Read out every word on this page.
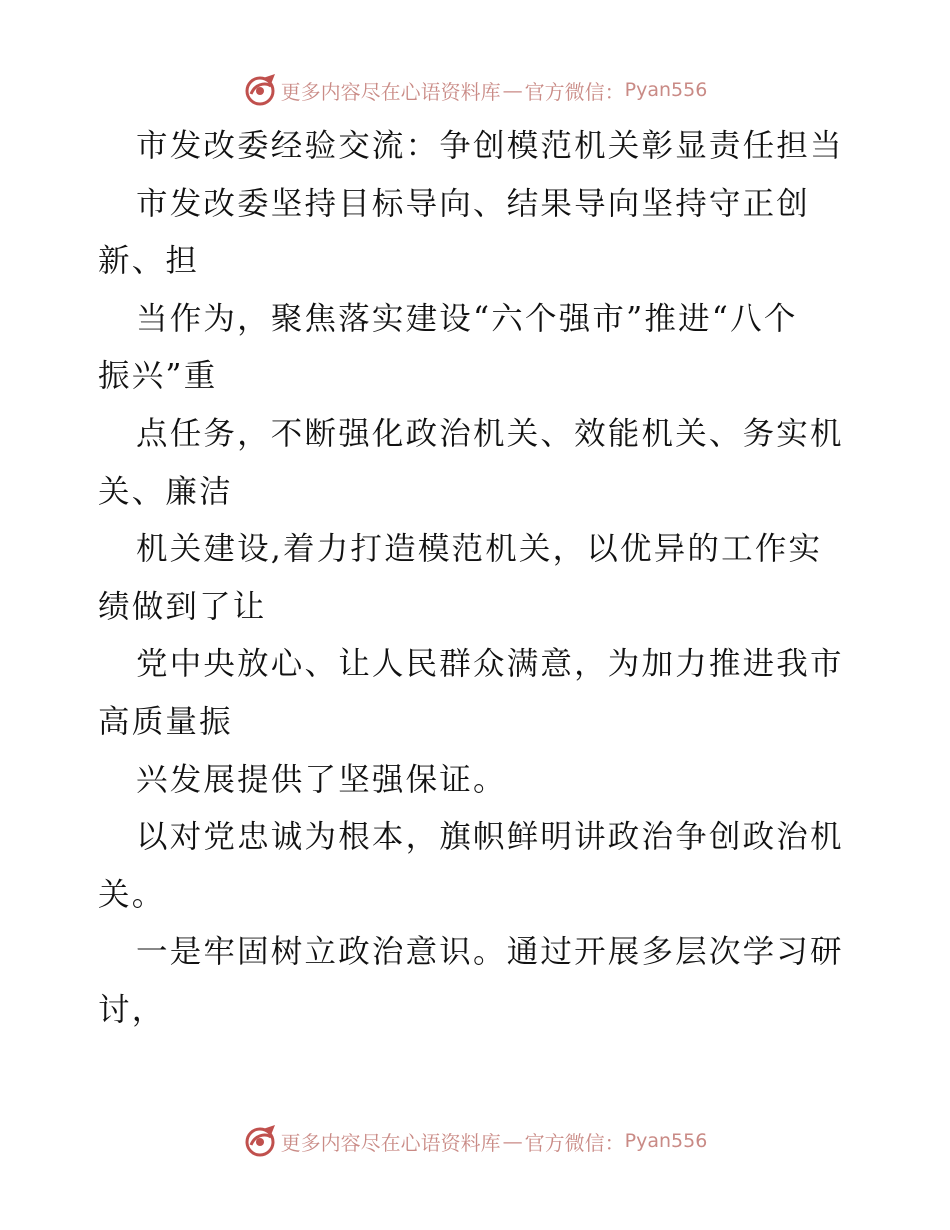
更多内容尽在心语资料库 — 官方微信： Pyan556
市发改委经验交流：争创模范机关彰显责任担当
市发改委坚持目标导向、结果导向坚持守正创
新、担
当作为，聚焦落实建设“六个强市”推进“八个
振兴”重
点任务，不断强化政治机关、效能机关、务实机
关、廉洁
机关建设,着力打造模范机关，以优异的工作实
绩做到了让
党中央放心、让人民群众满意，为加力推进我市
高质量振
兴发展提供了坚强保证。
以对党忠诚为根本，旗帜鲜明讲政治争创政治机
关。
一是牢固树立政治意识。通过开展多层次学习研
讨，
更多内容尽在心语资料库 — 官方微信： Pyan556
